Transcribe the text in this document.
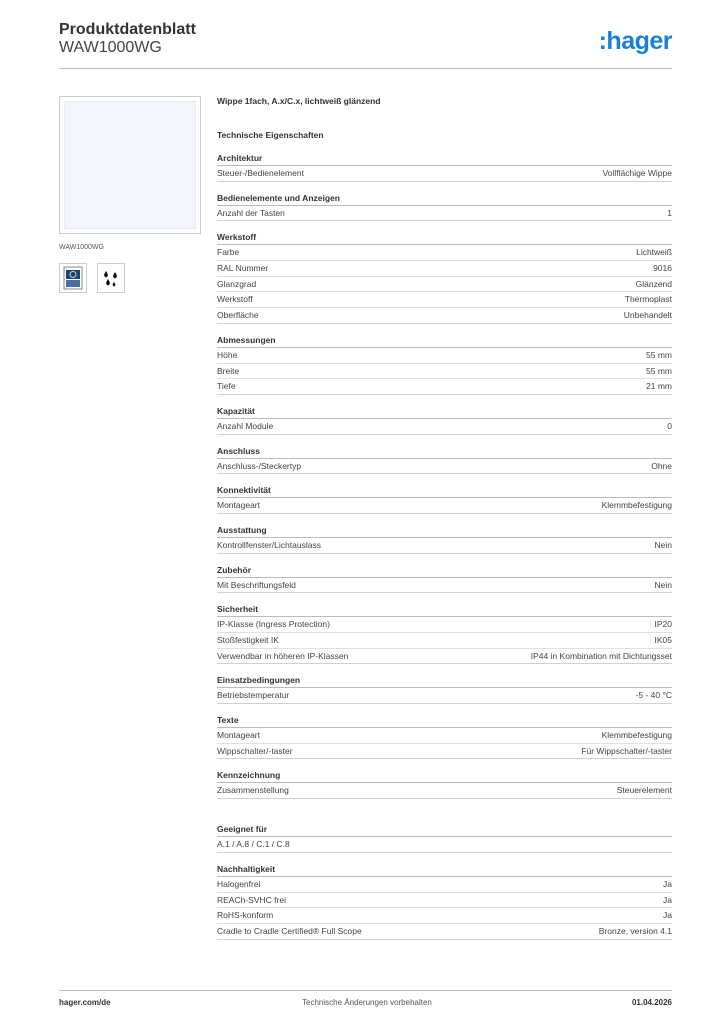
Produktdatenblatt
WAW1000WG	:hager
WAW1000WG
Wippe 1fach, A.x/C.x, lichtweiß glänzend
Technische Eigenschaften
Architektur
Steuer-/Bedienelement	Vollflächige Wippe
Bedienelemente und Anzeigen
Anzahl der Tasten	1
Werkstoff
Farbe	Lichtweiß
RAL Nummer	9016
Glanzgrad	Glänzend
Werkstoff	Thermoplast
Oberfläche	Unbehandelt
Abmessungen
Höhe	55 mm
Breite	55 mm
Tiefe	21 mm
Kapazität
Anzahl Module	0
Anschluss
Anschluss-/Steckertyp	Ohne
Konnektivität
Montageart	Klemmbefestigung
Ausstattung
Kontrollfenster/Lichtauslass	Nein
Zubehör
Mit Beschriftungsfeld	Nein
Sicherheit
IP-Klasse (Ingress Protection)	IP20
Stoßfestigkeit IK	IK05
Verwendbar in höheren IP-Klassen	IP44 in Kombination mit Dichtungsset
Einsatzbedingungen
Betriebstemperatur	-5 - 40 °C
Texte
Montageart	Klemmbefestigung
Wippschalter/-taster	Für Wippschalter/-taster
Kennzeichnung
Zusammenstellung	Steuerelement
Geeignet für
A.1 / A.8 / C.1 / C.8
Nachhaltigkeit
Halogenfrei	Ja
REACh-SVHC frei	Ja
RoHS-konform	Ja
Cradle to Cradle Certified® Full Scope	Bronze, version 4.1
hager.com/de	Technische Änderungen vorbehalten	01.04.2026
